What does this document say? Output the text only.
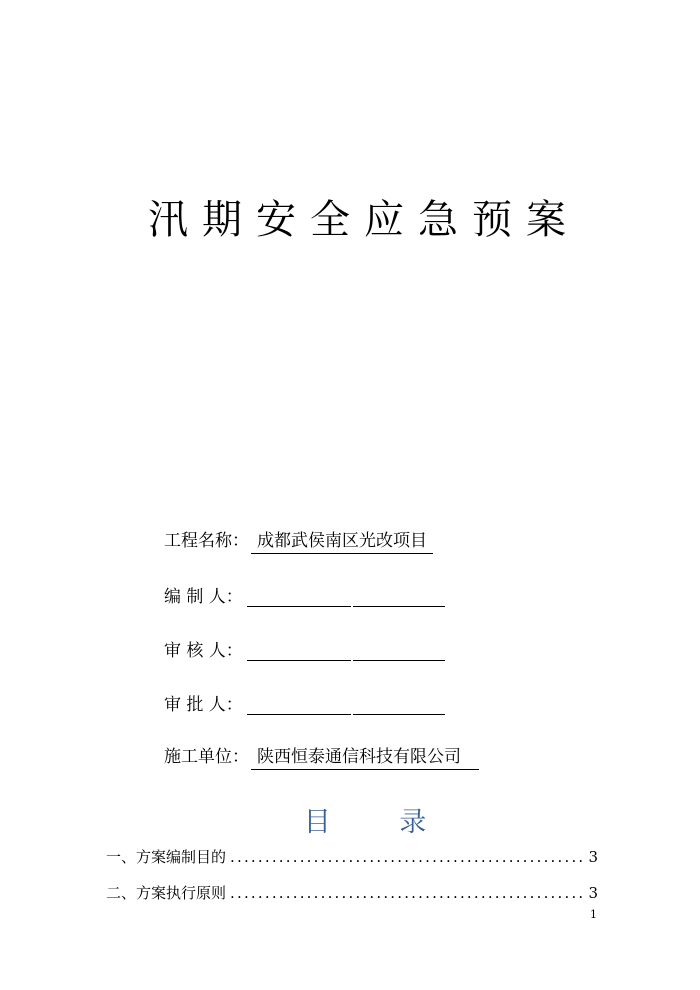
汛期安全应急预案
工程名称： 成都武侯南区光改项目
编 制 人：
审 核 人：
审 批 人：
施工单位： 陕西恒泰通信科技有限公司
目 录
一、方案编制目的 .....	3
二、方案执行原则 .....	3
1
